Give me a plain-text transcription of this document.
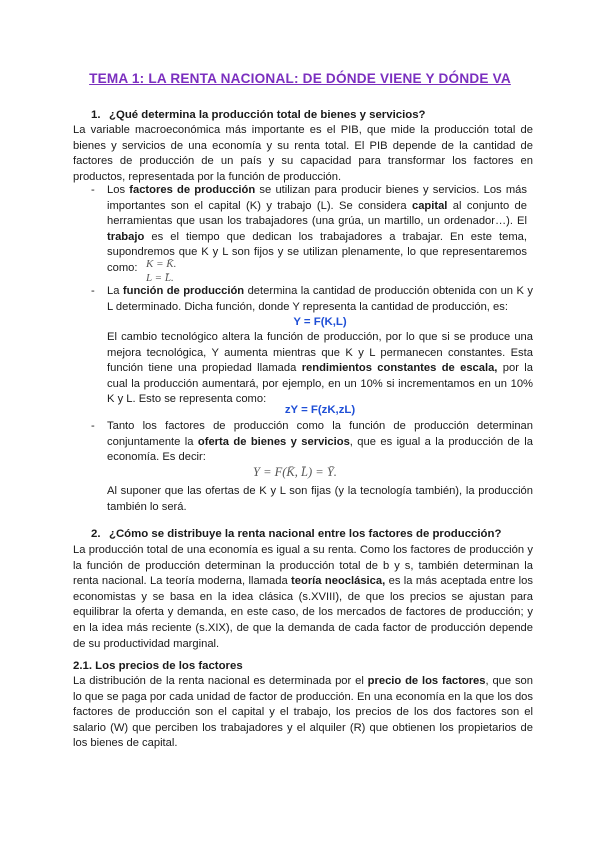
TEMA 1: LA RENTA NACIONAL: DE DÓNDE VIENE Y DÓNDE VA
1. ¿Qué determina la producción total de bienes y servicios?
La variable macroeconómica más importante es el PIB, que mide la producción total de bienes y servicios de una economía y su renta total. El PIB depende de la cantidad de factores de producción de un país y su capacidad para transformar los factores en productos, representada por la función de producción.
- Los factores de producción se utilizan para producir bienes y servicios. Los más importantes son el capital (K) y trabajo (L). Se considera capital al conjunto de herramientas que usan los trabajadores (una grúa, un martillo, un ordenador…). El trabajo es el tiempo que dedican los trabajadores a trabajar. En este tema, supondremos que K y L son fijos y se utilizan plenamente, lo que representaremos como: K = K̄.
L = L̄.
- La función de producción determina la cantidad de producción obtenida con un K y L determinado. Dicha función, donde Y representa la cantidad de producción, es:
Y = F(K,L)
El cambio tecnológico altera la función de producción, por lo que si se produce una mejora tecnológica, Y aumenta mientras que K y L permanecen constantes. Esta función tiene una propiedad llamada rendimientos constantes de escala, por la cual la producción aumentará, por ejemplo, en un 10% si incrementamos en un 10% K y L. Esto se representa como:
zY = F(zK,zL)
- Tanto los factores de producción como la función de producción determinan conjuntamente la oferta de bienes y servicios, que es igual a la producción de la economía. Es decir:
Y = F(K̄, L̄) = Ȳ.
Al suponer que las ofertas de K y L son fijas (y la tecnología también), la producción también lo será.
2. ¿Cómo se distribuye la renta nacional entre los factores de producción?
La producción total de una economía es igual a su renta. Como los factores de producción y la función de producción determinan la producción total de b y s, también determinan la renta nacional. La teoría moderna, llamada teoría neoclásica, es la más aceptada entre los economistas y se basa en la idea clásica (s.XVIII), de que los precios se ajustan para equilibrar la oferta y demanda, en este caso, de los mercados de factores de producción; y en la idea más reciente (s.XIX), de que la demanda de cada factor de producción depende de su productividad marginal.
2.1. Los precios de los factores
La distribución de la renta nacional es determinada por el precio de los factores, que son lo que se paga por cada unidad de factor de producción. En una economía en la que los dos factores de producción son el capital y el trabajo, los precios de los dos factores son el salario (W) que perciben los trabajadores y el alquiler (R) que obtienen los propietarios de los bienes de capital.
